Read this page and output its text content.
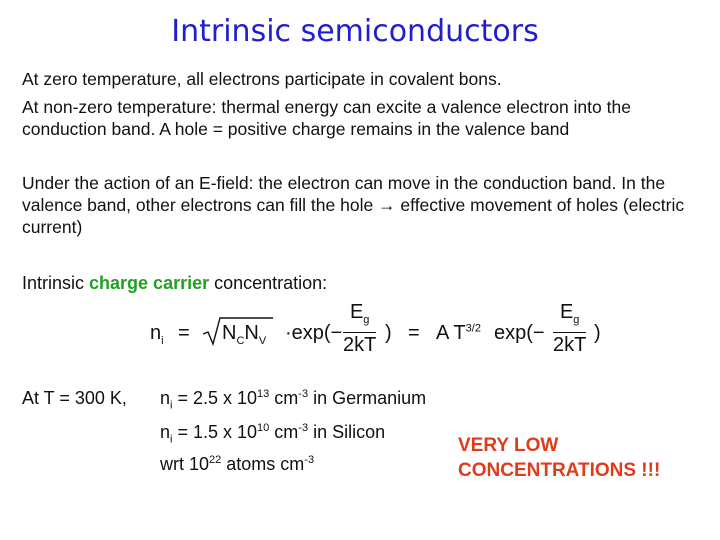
Intrinsic semiconductors

At zero temperature, all electrons participate in covalent bons.

At non-zero temperature: thermal energy can excite a valence electron into the conduction band. A hole = positive charge remains in the valence band

Under the action of an E-field: the electron can move in the conduction band. In the valence band, other electrons can fill the hole → effective movement of holes (electric current)

Intrinsic charge carrier concentration:
$n_i = N_CN_V \cdot\exp(- \frac{E_g}{2kT}$ ) = A $T^{3/2}$ $\exp(- \frac{E_g}{2kT}$ )
At T = 300 K, $n_i = 2.5$ x $10^{13}$ $cm^{-3}$ in Germanium
$n_i = 1.5$ x $10^{10}$ $cm^{-3}$ in Silicon
wrt $10^{22}$ atoms $cm^{-3}$
VERY LOW
CONCENTRATIONS !!!
